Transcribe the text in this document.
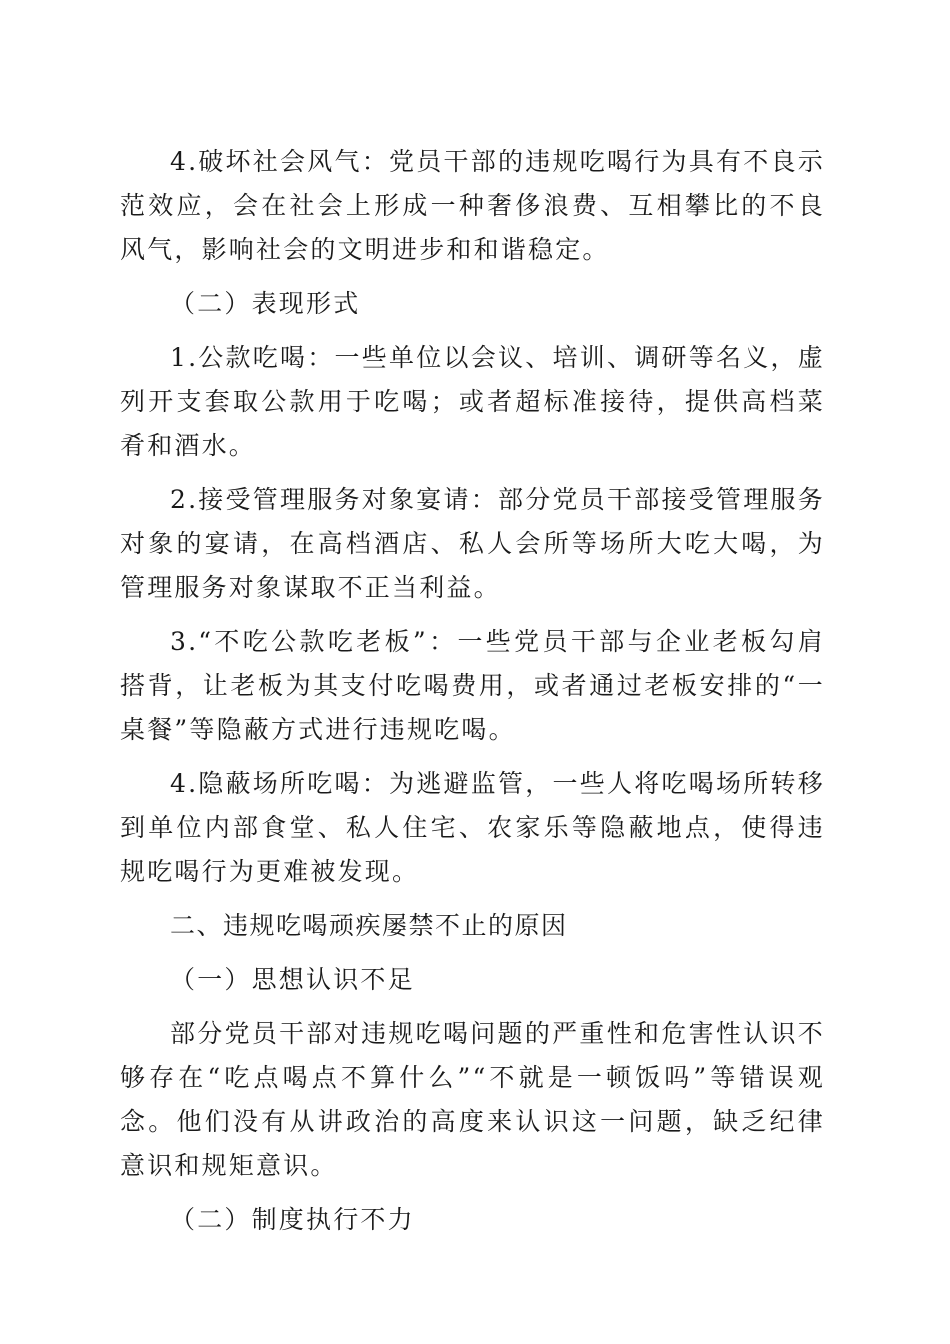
4.破坏社会风气：党员干部的违规吃喝行为具有不良示范效应，会在社会上形成一种奢侈浪费、互相攀比的不良风气，影响社会的文明进步和和谐稳定。

（二）表现形式

1.公款吃喝：一些单位以会议、培训、调研等名义，虚列开支套取公款用于吃喝；或者超标准接待，提供高档菜肴和酒水。

2.接受管理服务对象宴请：部分党员干部接受管理服务对象的宴请，在高档酒店、私人会所等场所大吃大喝，为管理服务对象谋取不正当利益。

3.“不吃公款吃老板”：一些党员干部与企业老板勾肩搭背，让老板为其支付吃喝费用，或者通过老板安排的“一桌餐”等隐蔽方式进行违规吃喝。

4.隐蔽场所吃喝：为逃避监管，一些人将吃喝场所转移到单位内部食堂、私人住宅、农家乐等隐蔽地点，使得违规吃喝行为更难被发现。

二、违规吃喝顽疾屡禁不止的原因

（一）思想认识不足

部分党员干部对违规吃喝问题的严重性和危害性认识不够存在“吃点喝点不算什么”“不就是一顿饭吗”等错误观念。他们没有从讲政治的高度来认识这一问题，缺乏纪律意识和规矩意识。

（二）制度执行不力
